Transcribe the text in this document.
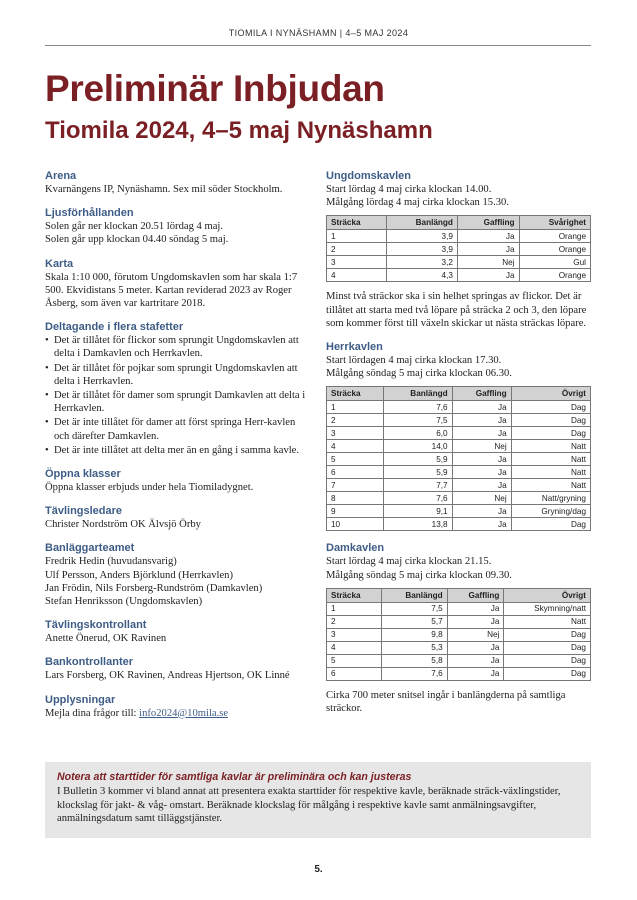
TIOMILA I NYNÄSHAMN | 4–5 MAJ 2024
Preliminär Inbjudan
Tiomila 2024, 4–5 maj Nynäshamn
Arena

Kvarnängens IP, Nynäshamn. Sex mil söder Stockholm.

Ljusförhållanden

Solen går ner klockan 20.51 lördag 4 maj.

Solen går upp klockan 04.40 söndag 5 maj.

Karta

Skala 1:10 000, förutom Ungdomskavlen som har skala 1:7 500. Ekvidistans 5 meter. Kartan reviderad 2023 av Roger Åsberg, som även var kartritare 2018.

Deltagande i flera stafetter
• Det är tillåtet för flickor som sprungit Ungdomskavlen att delta i Damkavlen och Herrkavlen.
• Det är tillåtet för pojkar som sprungit Ungdomskavlen att delta i Herrkavlen.
• Det är tillåtet för damer som sprungit Damkavlen att delta i Herrkavlen.
• Det är inte tillåtet för damer att först springa Herr-kavlen och därefter Damkavlen.
• Det är inte tillåtet att delta mer än en gång i samma kavle.
Öppna klasser

Öppna klasser erbjuds under hela Tiomiladygnet.

Tävlingsledare

Christer Nordström OK Älvsjö Örby

Banläggarteamet

Fredrik Hedin (huvudansvarig)

Ulf Persson, Anders Björklund (Herrkavlen)

Jan Frödin, Nils Forsberg-Rundström (Damkavlen)

Stefan Henriksson (Ungdomskavlen)

Tävlingskontrollant

Anette Önerud, OK Ravinen

Bankontrollanter

Lars Forsberg, OK Ravinen, Andreas Hjertson, OK Linné

Upplysningar

Mejla dina frågor till: info2024@10mila.se

Ungdomskavlen

Start lördag 4 maj cirka klockan 14.00.

Målgång lördag 4 maj cirka klockan 15.30.

Sträcka	Banlängd	Gaffling	Svårighet
1	3,9	Ja	Orange
2	3,9	Ja	Orange
3	3,2	Nej	Gul
4	4,3	Ja	Orange

Minst två sträckor ska i sin helhet springas av flickor. Det är tillåtet att starta med två löpare på sträcka 2 och 3, den löpare som kommer först till växeln skickar ut nästa sträckas löpare.

Herrkavlen

Start lördagen 4 maj cirka klockan 17.30.

Målgång söndag 5 maj cirka klockan 06.30.

Sträcka	Banlängd	Gaffling	Övrigt
1	7,6	Ja	Dag
2	7,5	Ja	Dag
3	6,0	Ja	Dag
4	14,0	Nej	Natt
5	5,9	Ja	Natt
6	5,9	Ja	Natt
7	7,7	Ja	Natt
8	7,6	Nej	Natt/gryning
9	9,1	Ja	Gryning/dag
10	13,8	Ja	Dag
Damkavlen

Start lördag 4 maj cirka klockan 21.15.

Målgång söndag 5 maj cirka klockan 09.30.

Sträcka	Banlängd	Gaffling	Övrigt
1	7,5	Ja	Skymning/natt
2	5,7	Ja	Natt
3	9,8	Nej	Dag
4	5,3	Ja	Dag
5	5,8	Ja	Dag
6	7,6	Ja	Dag

Cirka 700 meter snitsel ingår i banlängderna på samtliga sträckor.

Notera att starttider för samtliga kavlar är preliminära och kan justeras

I Bulletin 3 kommer vi bland annat att presentera exakta starttider för respektive kavle, beräknade sträck-växlingstider, klockslag för jakt- & våg- omstart. Beräknade klockslag för målgång i respektive kavle samt anmälningsavgifter, anmälningsdatum samt tilläggstjänster.

5.
